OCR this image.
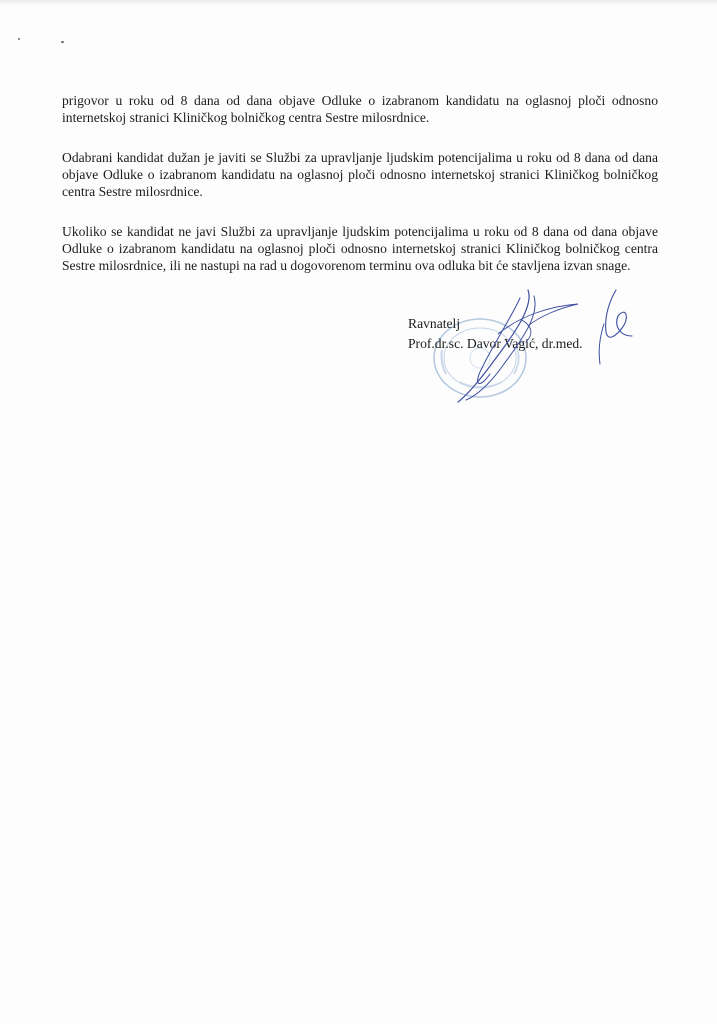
prigovor u roku od 8 dana od dana objave Odluke o izabranom kandidatu na oglasnoj ploči odnosno internetskoj stranici Kliničkog bolničkog centra Sestre milosrdnice.

Odabrani kandidat dužan je javiti se Službi za upravljanje ljudskim potencijalima u roku od 8 dana od dana objave Odluke o izabranom kandidatu na oglasnoj ploči odnosno internetskoj stranici Kliničkog bolničkog centra Sestre milosrdnice.

Ukoliko se kandidat ne javi Službi za upravljanje ljudskim potencijalima u roku od 8 dana od dana objave Odluke o izabranom kandidatu na oglasnoj ploči odnosno internetskoj stranici Kliničkog bolničkog centra Sestre milosrdnice, ili ne nastupi na rad u dogovorenom terminu ova odluka bit će stavljena izvan snage.

Ravnatelj
Prof.dr.sc. Davor Vagić, dr.med.
